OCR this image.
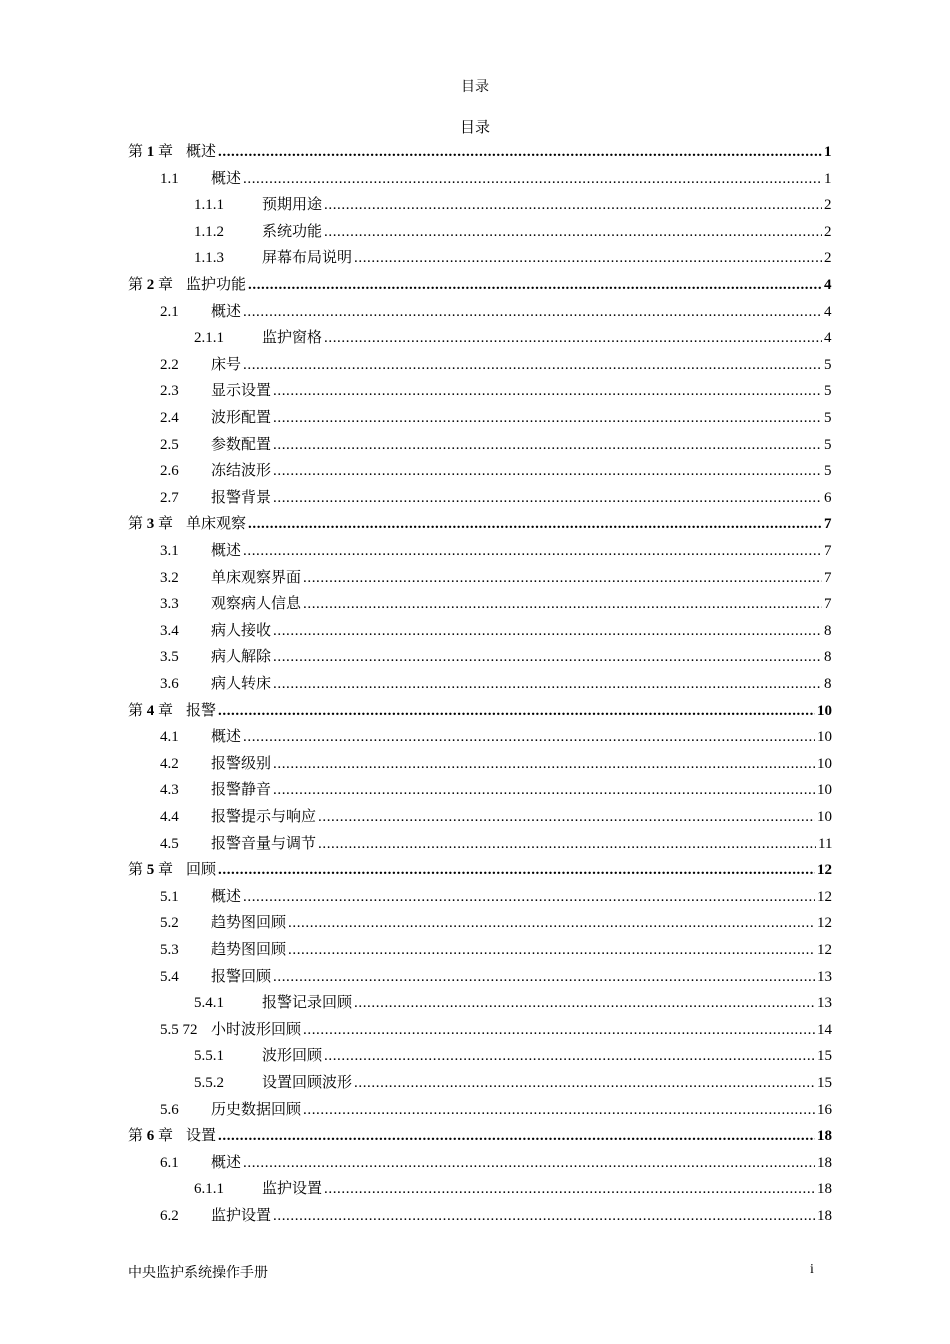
目录
目录
第 1 章 概述	1
.....
1.1 概述	1
.....
1.1.1	预期用途	2
.....
1.1.2	系统功能	2
.....
1.1.3	屏幕布局说明	2
.....
第 2 章 监护功能	4
.....
2.1 概述	4
.....
2.1.1	监护窗格	4
.....
2.2 床号	5
.....
2.3 显示设置	5
.....
2.4 波形配置	5
.....
2.5 参数配置	5
.....
2.6 冻结波形	5
.....
2.7 报警背景	6
.....
第 3 章 单床观察	7
.....
3.1 概述	7
.....
3.2 单床观察界面	7
.....
3.3 观察病人信息	7
.....
3.4 病人接收	8
.....
3.5 病人解除	8
.....
3.6 病人转床	8
.....
第 4 章 报警	10
.....
4.1 概述	10
.....
4.2 报警级别	10
.....
4.3 报警静音	10
.....
4.4 报警提示与响应	10
.....
4.5 报警音量与调节	11
.....
第 5 章 回顾	12
.....
5.1 概述	12
.....
5.2 趋势图回顾	12
.....
5.3 趋势图回顾	12
.....
5.4 报警回顾	13
.....
5.4.1	报警记录回顾	13
.....
5.5 72 小时波形回顾	14
.....
5.5.1	波形回顾	15
.....
5.5.2	设置回顾波形	15
.....
5.6 历史数据回顾	16
.....
第 6 章 设置	18
.....
6.1 概述	18
.....
6.1.1	监护设置	18
.....
6.2 监护设置	18
.....
中央监护系统操作手册	i
